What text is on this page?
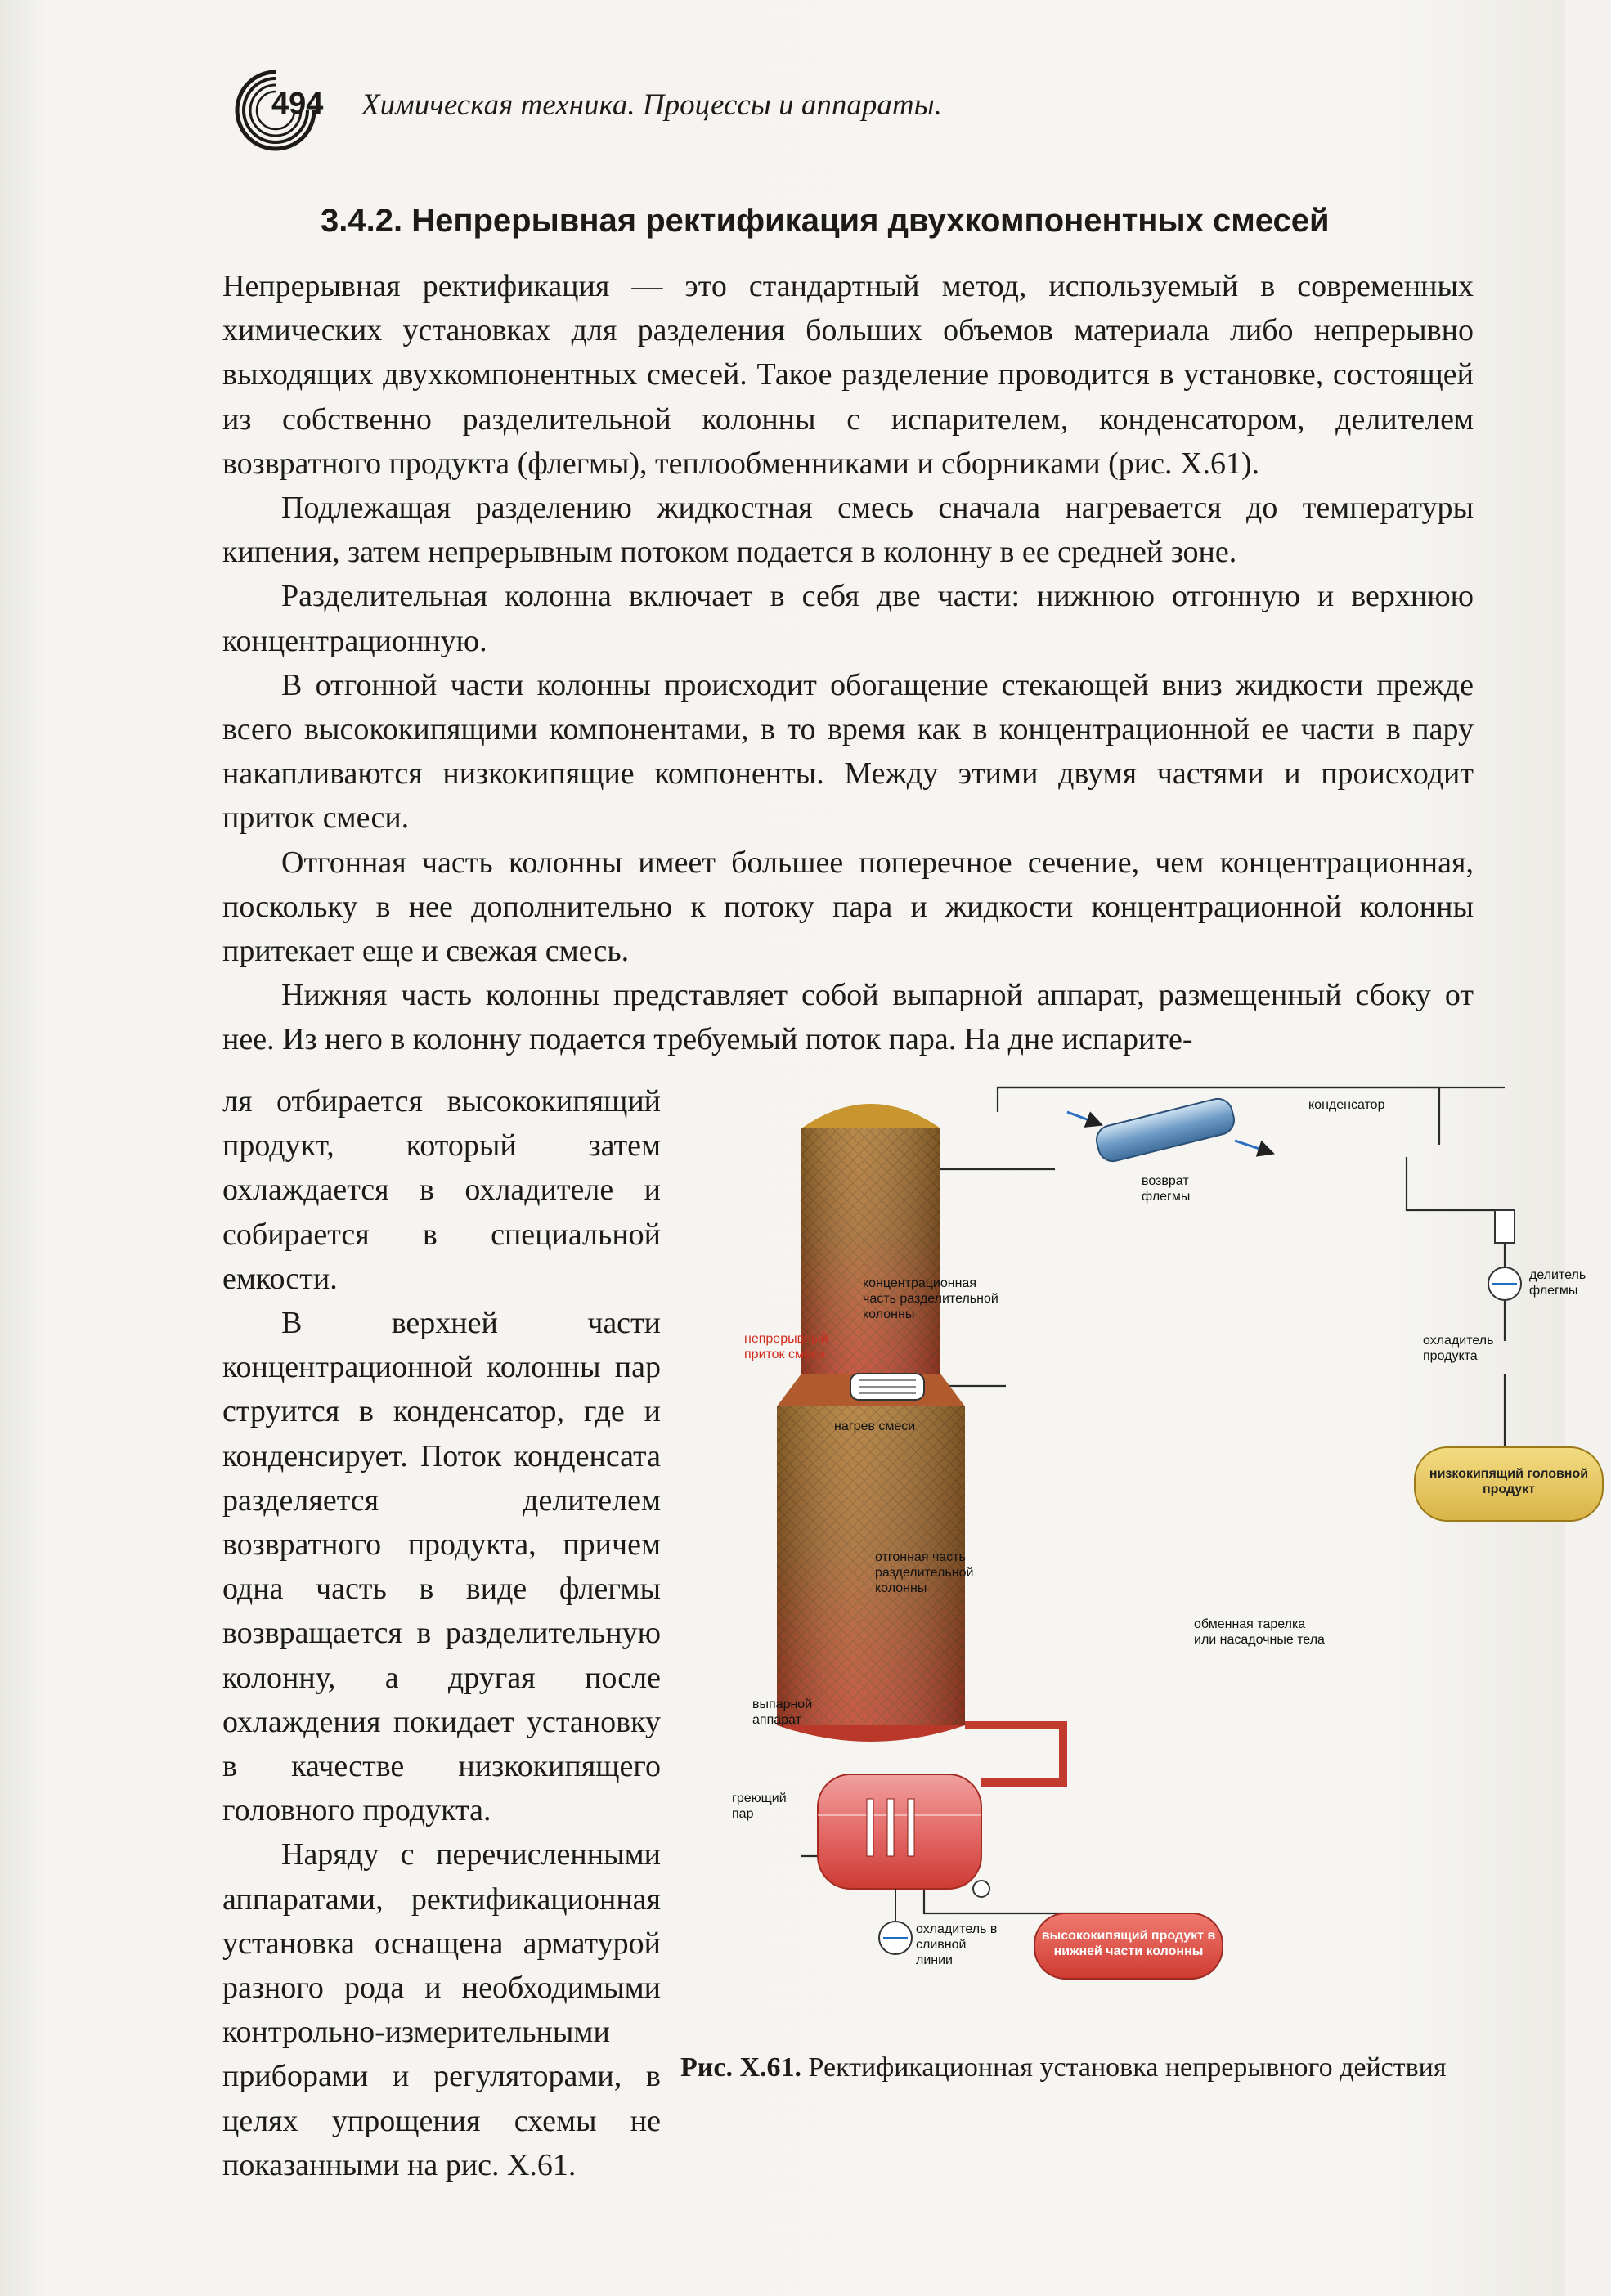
494 Химическая техника. Процессы и аппараты.
3.4.2. Непрерывная ректификация двухкомпонентных смесей

Непрерывная ректификация — это стандартный метод, используемый в современных химических установках для разделения больших объемов материала либо непрерывно выходящих двухкомпонентных смесей. Такое разделение проводится в установке, состоящей из собственно разделительной колонны с испарителем, конденсатором, делителем возвратного продукта (флегмы), теплообменниками и сборниками (рис. X.61).

Подлежащая разделению жидкостная смесь сначала нагревается до температуры кипения, затем непрерывным потоком подается в колонну в ее средней зоне.

Разделительная колонна включает в себя две части: нижнюю отгонную и верхнюю концентрационную.

В отгонной части колонны происходит обогащение стекающей вниз жидкости прежде всего высококипящими компонентами, в то время как в концентрационной ее части в пару накапливаются низкокипящие компоненты. Между этими двумя частями и происходит приток смеси.

Отгонная часть колонны имеет большее поперечное сечение, чем концентрационная, поскольку в нее дополнительно к потоку пара и жидкости концентрационной колонны притекает еще и свежая смесь.

Нижняя часть колонны представляет собой выпарной аппарат, размещенный сбоку от нее. Из него в колонну подается требуемый поток пара. На дне испарите-

ля отбирается высококипящий продукт, который затем охлаждается в охладителе и собирается в специальной емкости.

В верхней части концентрационной колонны пар струится в конденсатор, где и конденсирует. Поток конденсата разделяется делителем возвратного продукта, причем одна часть в виде флегмы возвращается в разделительную колонну, а другая после охлаждения покидает установку в качестве низкокипящего головного продукта.

Наряду с перечисленными аппаратами, ректификационная установка оснащена арматурой разного рода и необходимыми контрольно-измерительными приборами и регуляторами, в целях упрощения схемы не показанными на рис. X.61.

конденсатор
возврат флегмы
делитель флегмы
концентрационная часть разделительной колонны
непрерывный приток смеси
охладитель продукта
нагрев смеси
низкокипящий головной продукт
отгонная часть разделительной колонны
обменная тарелка или насадочные тела
выпарной аппарат
греющий пар
охладитель в сливной линии
высококипящий продукт в нижней части колонны
Рис. X.61. Ректификационная установка непрерывного действия
